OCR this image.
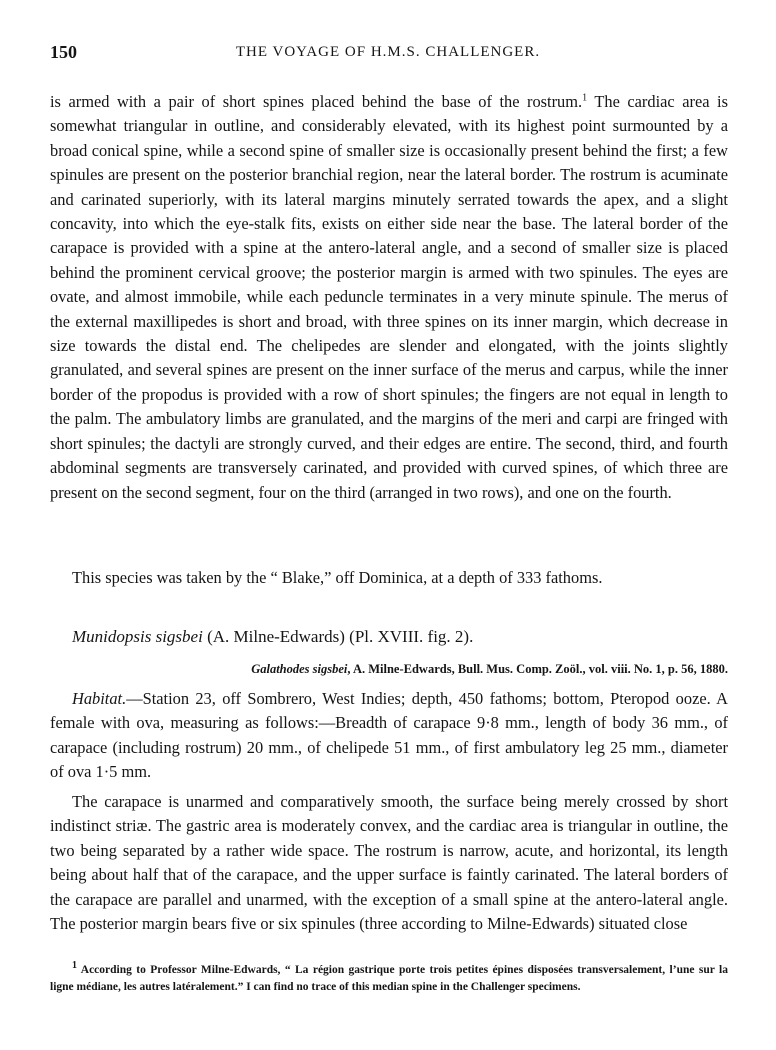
150	THE VOYAGE OF H.M.S. CHALLENGER.

is armed with a pair of short spines placed behind the base of the rostrum.$^1$ The cardiac area is somewhat triangular in outline, and considerably elevated, with its highest point surmounted by a broad conical spine, while a second spine of smaller size is occasionally present behind the first; a few spinules are present on the posterior branchial region, near the lateral border. The rostrum is acuminate and carinated superiorly, with its lateral margins minutely serrated towards the apex, and a slight concavity, into which the eye-stalk fits, exists on either side near the base. The lateral border of the carapace is provided with a spine at the antero-lateral angle, and a second of smaller size is placed behind the prominent cervical groove; the posterior margin is armed with two spinules. The eyes are ovate, and almost immobile, while each peduncle terminates in a very minute spinule. The merus of the external maxillipedes is short and broad, with three spines on its inner margin, which decrease in size towards the distal end. The chelipedes are slender and elongated, with the joints slightly granulated, and several spines are present on the inner surface of the merus and carpus, while the inner border of the propodus is provided with a row of short spinules; the fingers are not equal in length to the palm. The ambulatory limbs are granulated, and the margins of the meri and carpi are fringed with short spinules; the dactyli are strongly curved, and their edges are entire. The second, third, and fourth abdominal segments are transversely carinated, and provided with curved spines, of which three are present on the second segment, four on the third (arranged in two rows), and one on the fourth.

This species was taken by the “ Blake,” off Dominica, at a depth of 333 fathoms.

Munidopsis sigsbei (A. Milne-Edwards) (Pl. XVIII. fig. 2).

Galathodes sigsbei, A. Milne-Edwards, Bull. Mus. Comp. Zoöl., vol. viii. No. 1, p. 56, 1880.

Habitat.—Station 23, off Sombrero, West Indies; depth, 450 fathoms; bottom, Pteropod ooze. A female with ova, measuring as follows:—Breadth of carapace 9·8 mm., length of body 36 mm., of carapace (including rostrum) 20 mm., of chelipede 51 mm., of first ambulatory leg 25 mm., diameter of ova 1·5 mm.

The carapace is unarmed and comparatively smooth, the surface being merely crossed by short indistinct striæ. The gastric area is moderately convex, and the cardiac area is triangular in outline, the two being separated by a rather wide space. The rostrum is narrow, acute, and horizontal, its length being about half that of the carapace, and the upper surface is faintly carinated. The lateral borders of the carapace are parallel and unarmed, with the exception of a small spine at the antero-lateral angle. The posterior margin bears five or six spinules (three according to Milne-Edwards) situated close

$^1$ According to Professor Milne-Edwards, “ La région gastrique porte trois petites épines disposées transversalement, l’une sur la ligne médiane, les autres latéralement.” I can find no trace of this median spine in the Challenger specimens.
